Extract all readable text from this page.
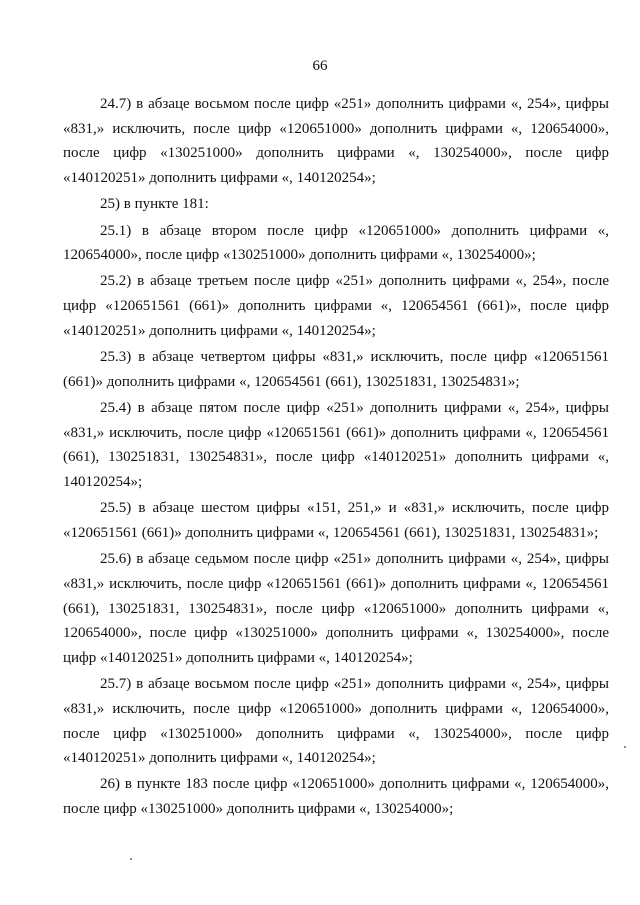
66

24.7) в абзаце восьмом после цифр «251» дополнить цифрами «, 254», цифры «831,» исключить, после цифр «120651000» дополнить цифрами «, 120654000», после цифр «130251000» дополнить цифрами «, 130254000», после цифр «140120251» дополнить цифрами «, 140120254»;

25) в пункте 181:

25.1) в абзаце втором после цифр «120651000» дополнить цифрами «, 120654000», после цифр «130251000» дополнить цифрами «, 130254000»;

25.2) в абзаце третьем после цифр «251» дополнить цифрами «, 254», после цифр «120651561 (661)» дополнить цифрами «, 120654561 (661)», после цифр «140120251» дополнить цифрами «, 140120254»;

25.3) в абзаце четвертом цифры «831,» исключить, после цифр «120651561 (661)» дополнить цифрами «, 120654561 (661), 130251831, 130254831»;

25.4) в абзаце пятом после цифр «251» дополнить цифрами «, 254», цифры «831,» исключить, после цифр «120651561 (661)» дополнить цифрами «, 120654561 (661), 130251831, 130254831», после цифр «140120251» дополнить цифрами «, 140120254»;

25.5) в абзаце шестом цифры «151, 251,» и «831,» исключить, после цифр «120651561 (661)» дополнить цифрами «, 120654561 (661), 130251831, 130254831»;

25.6) в абзаце седьмом после цифр «251» дополнить цифрами «, 254», цифры «831,» исключить, после цифр «120651561 (661)» дополнить цифрами «, 120654561 (661), 130251831, 130254831», после цифр «120651000» дополнить цифрами «, 120654000», после цифр «130251000» дополнить цифрами «, 130254000», после цифр «140120251» дополнить цифрами «, 140120254»;

25.7) в абзаце восьмом после цифр «251» дополнить цифрами «, 254», цифры «831,» исключить, после цифр «120651000» дополнить цифрами «, 120654000», после цифр «130251000» дополнить цифрами «, 130254000», после цифр «140120251» дополнить цифрами «, 140120254»;

26) в пункте 183 после цифр «120651000» дополнить цифрами «, 120654000», после цифр «130251000» дополнить цифрами «, 130254000»;
